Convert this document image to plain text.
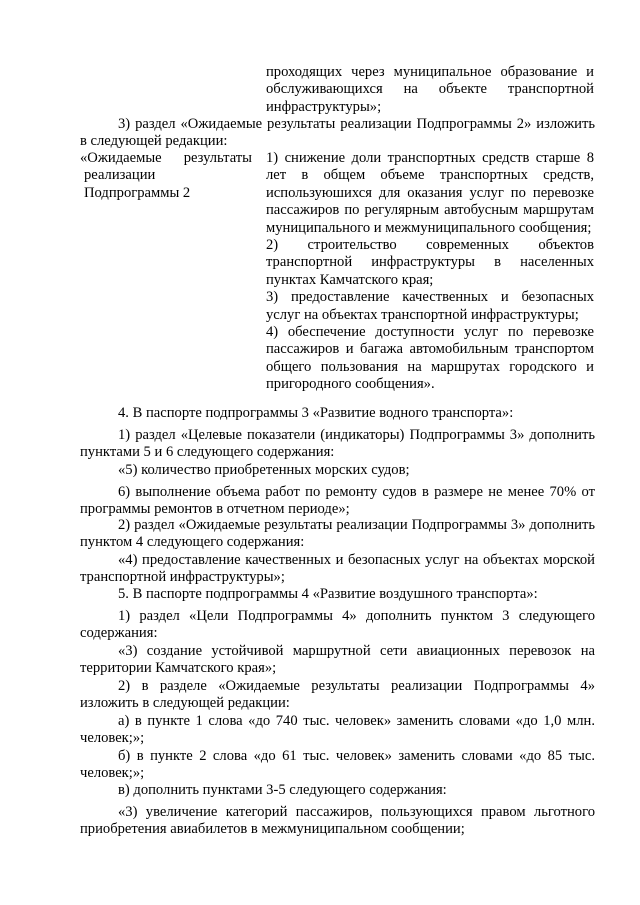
проходящих через муниципальное образование и обслуживающихся на объекте транспортной инфраструктуры»;

3) раздел «Ожидаемые результаты реализации Подпрограммы 2» изложить в следующей редакции:

«Ожидаемые результаты
реализации
Подпрограммы 2

1) снижение доли транспортных средств старше 8 лет в общем объеме транспортных средств, используюшихся для оказания услуг по перевозке пассажиров по регулярным автобусным маршрутам муниципального и межмуниципального сообщения;

2) строительство современных объектов транспортной инфраструктуры в населенных пунктах Камчатского края;

3) предоставление качественных и безопасных услуг на объектах транспортной инфраструктуры;

4) обеспечение доступности услуг по перевозке пассажиров и багажа автомобильным транспортом общего пользования на маршрутах городского и пригородного сообщения».

4. В паспорте подпрограммы 3 «Развитие водного транспорта»:

1) раздел «Целевые показатели (индикаторы) Подпрограммы 3» дополнить пунктами 5 и 6 следующего содержания:

«5) количество приобретенных морских судов;

6) выполнение объема работ по ремонту судов в размере не менее 70% от программы ремонтов в отчетном периоде»;

2) раздел «Ожидаемые результаты реализации Подпрограммы 3» дополнить пунктом 4 следующего содержания:

«4) предоставление качественных и безопасных услуг на объектах морской транспортной инфраструктуры»;

5. В паспорте подпрограммы 4 «Развитие воздушного транспорта»:

1) раздел «Цели Подпрограммы 4» дополнить пунктом 3 следующего содержания:

«3) создание устойчивой маршрутной сети авиационных перевозок на территории Камчатского края»;

2) в разделе «Ожидаемые результаты реализации Подпрограммы 4» изложить в следующей редакции:

а) в пункте 1 слова «до 740 тыс. человек» заменить словами «до 1,0 млн. человек;»;

б) в пункте 2 слова «до 61 тыс. человек» заменить словами «до 85 тыс. человек;»;

в) дополнить пунктами 3-5 следующего содержания:

«3) увеличение категорий пассажиров, пользующихся правом льготного приобретения авиабилетов в межмуниципальном сообщении;
